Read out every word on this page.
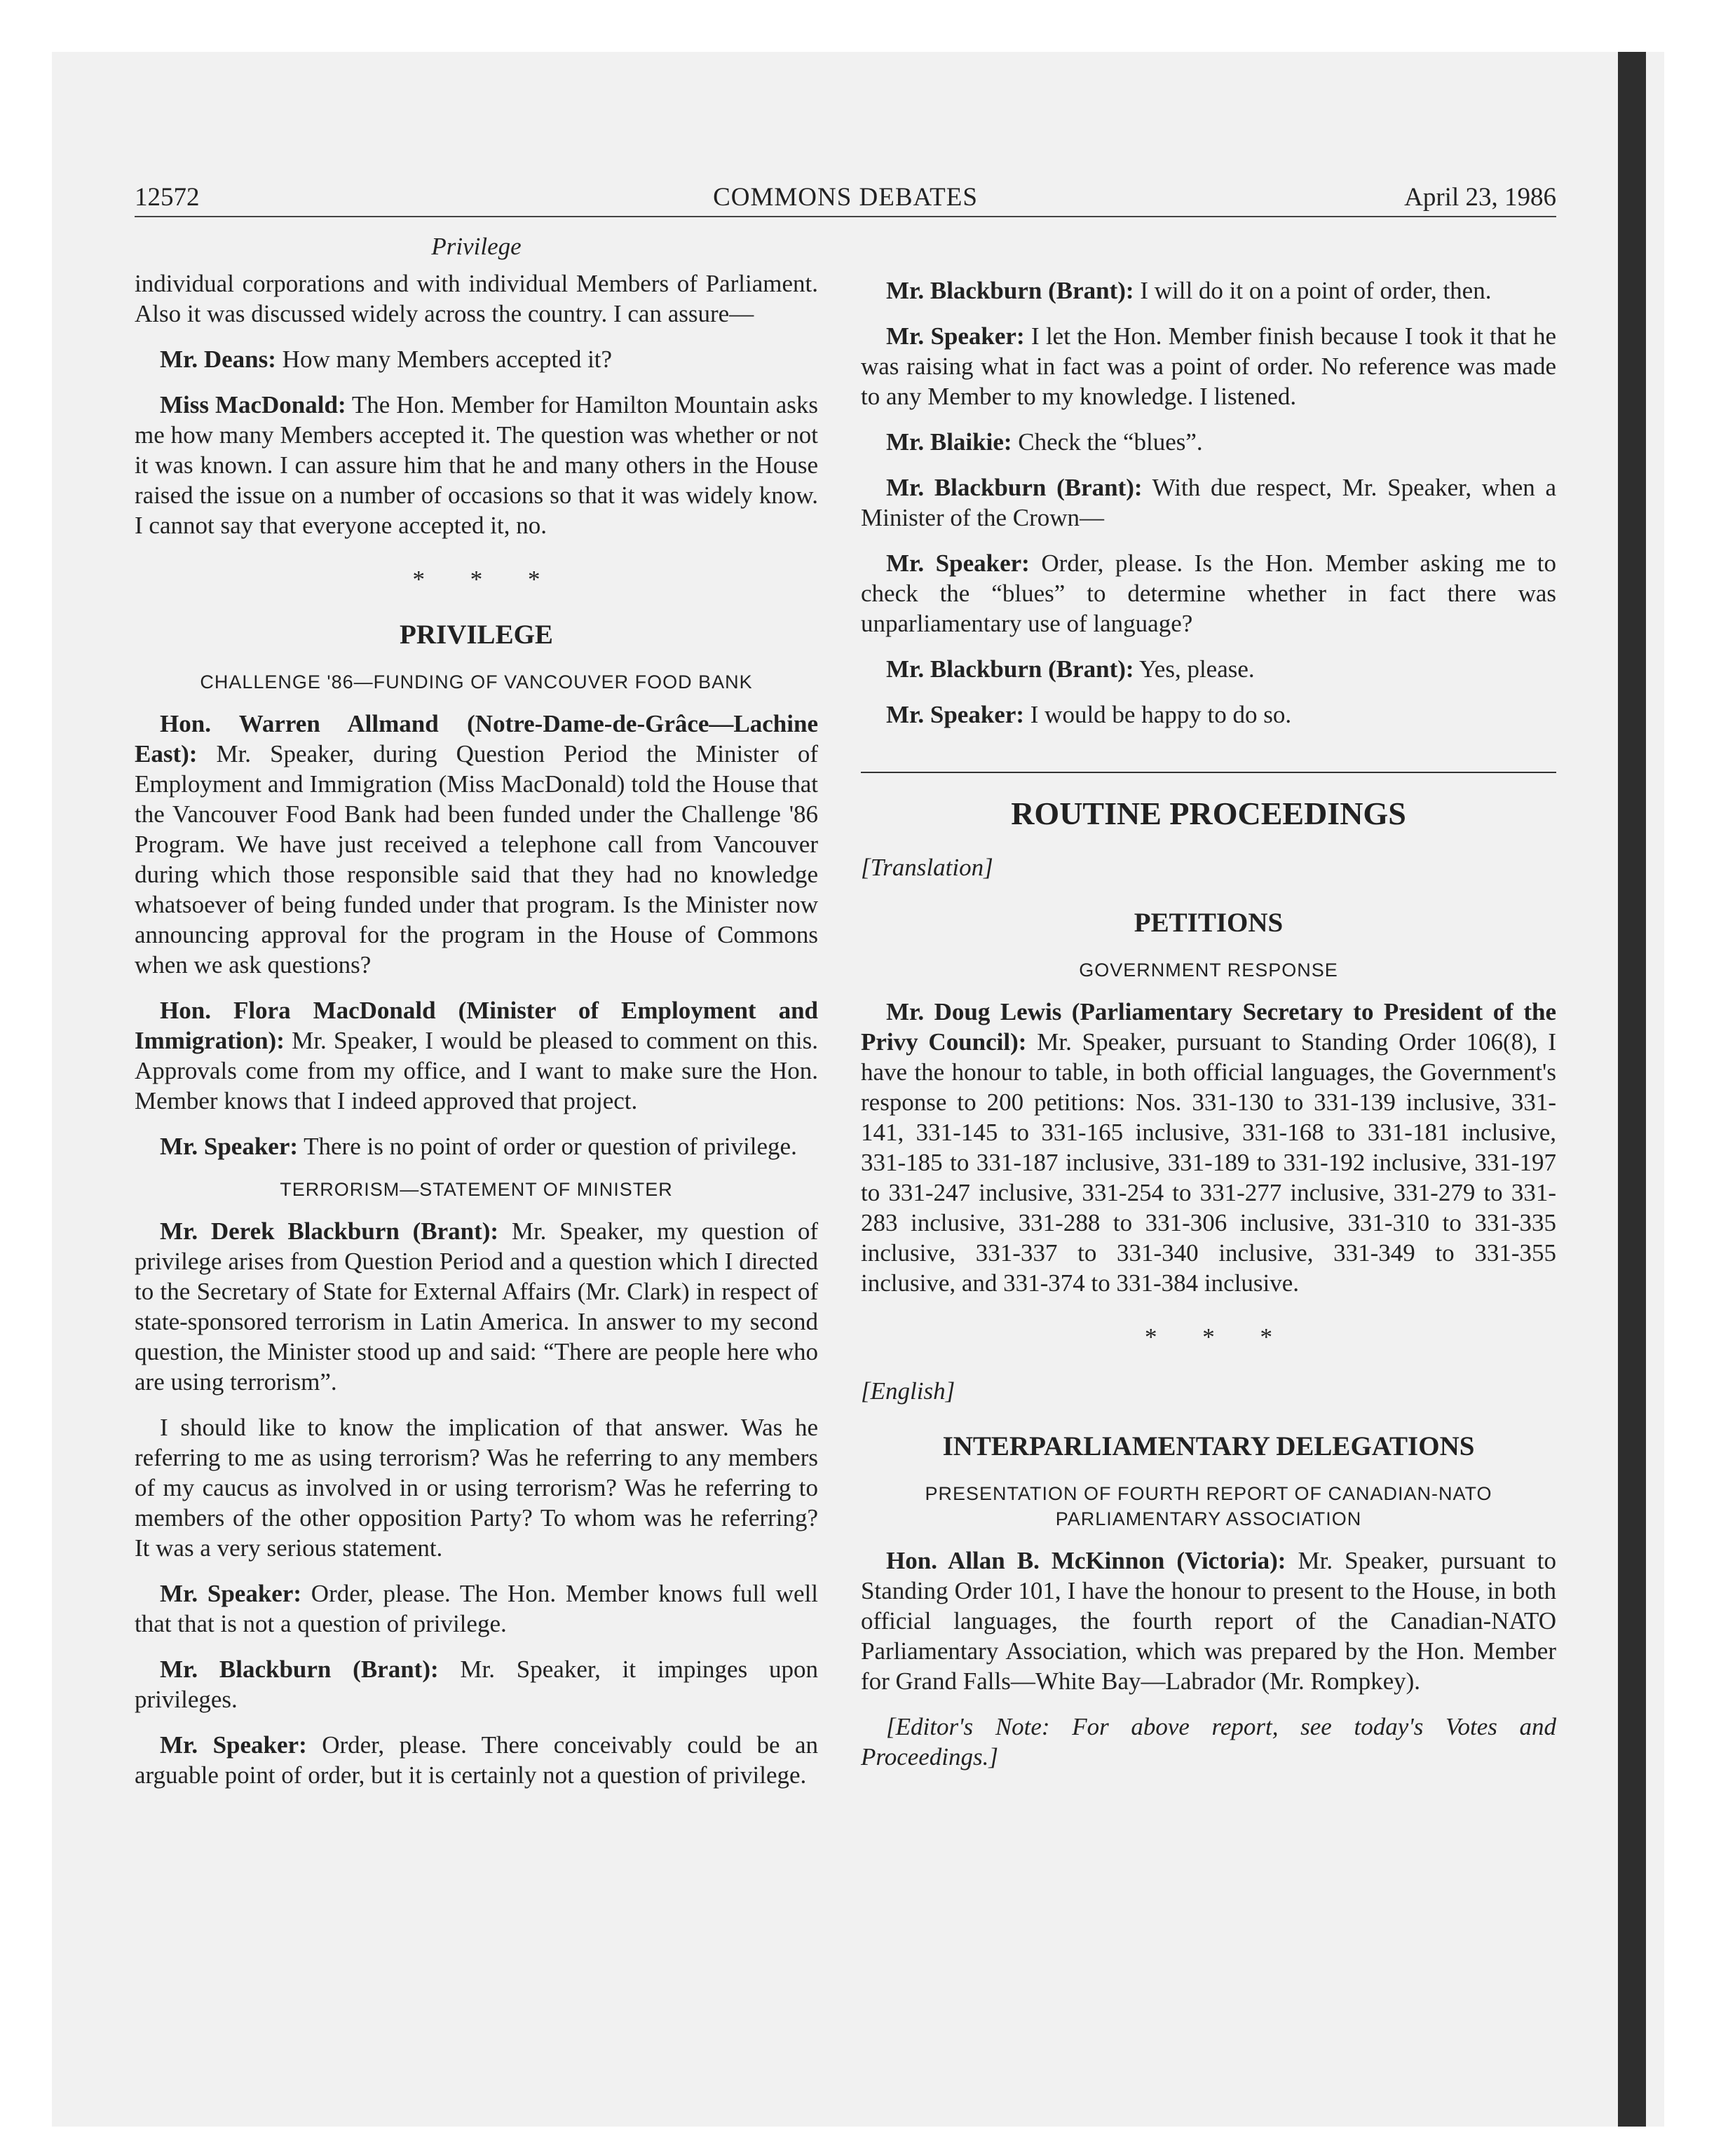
12572	COMMONS DEBATES	April 23, 1986
Privilege

individual corporations and with individual Members of Parliament. Also it was discussed widely across the country. I can assure—

Mr. Deans: How many Members accepted it?

Miss MacDonald: The Hon. Member for Hamilton Mountain asks me how many Members accepted it. The question was whether or not it was known. I can assure him that he and many others in the House raised the issue on a number of occasions so that it was widely know. I cannot say that everyone accepted it, no.

* * *
PRIVILEGE
CHALLENGE '86—FUNDING OF VANCOUVER FOOD BANK

Hon. Warren Allmand (Notre-Dame-de-Grâce—Lachine East): Mr. Speaker, during Question Period the Minister of Employment and Immigration (Miss MacDonald) told the House that the Vancouver Food Bank had been funded under the Challenge '86 Program. We have just received a telephone call from Vancouver during which those responsible said that they had no knowledge whatsoever of being funded under that program. Is the Minister now announcing approval for the program in the House of Commons when we ask questions?

Hon. Flora MacDonald (Minister of Employment and Immigration): Mr. Speaker, I would be pleased to comment on this. Approvals come from my office, and I want to make sure the Hon. Member knows that I indeed approved that project.

Mr. Speaker: There is no point of order or question of privilege.

TERRORISM—STATEMENT OF MINISTER

Mr. Derek Blackburn (Brant): Mr. Speaker, my question of privilege arises from Question Period and a question which I directed to the Secretary of State for External Affairs (Mr. Clark) in respect of state-sponsored terrorism in Latin America. In answer to my second question, the Minister stood up and said: “There are people here who are using terrorism”.

I should like to know the implication of that answer. Was he referring to me as using terrorism? Was he referring to any members of my caucus as involved in or using terrorism? Was he referring to members of the other opposition Party? To whom was he referring? It was a very serious statement.

Mr. Speaker: Order, please. The Hon. Member knows full well that that is not a question of privilege.

Mr. Blackburn (Brant): Mr. Speaker, it impinges upon privileges.

Mr. Speaker: Order, please. There conceivably could be an arguable point of order, but it is certainly not a question of privilege.

Mr. Blackburn (Brant): I will do it on a point of order, then.

Mr. Speaker: I let the Hon. Member finish because I took it that he was raising what in fact was a point of order. No reference was made to any Member to my knowledge. I listened.

Mr. Blaikie: Check the “blues”.

Mr. Blackburn (Brant): With due respect, Mr. Speaker, when a Minister of the Crown—

Mr. Speaker: Order, please. Is the Hon. Member asking me to check the “blues” to determine whether in fact there was unparliamentary use of language?

Mr. Blackburn (Brant): Yes, please.

Mr. Speaker: I would be happy to do so.

ROUTINE PROCEEDINGS
[Translation]
PETITIONS
GOVERNMENT RESPONSE

Mr. Doug Lewis (Parliamentary Secretary to President of the Privy Council): Mr. Speaker, pursuant to Standing Order 106(8), I have the honour to table, in both official languages, the Government's response to 200 petitions: Nos. 331-130 to 331-139 inclusive, 331-141, 331-145 to 331-165 inclusive, 331-168 to 331-181 inclusive, 331-185 to 331-187 inclusive, 331-189 to 331-192 inclusive, 331-197 to 331-247 inclusive, 331-254 to 331-277 inclusive, 331-279 to 331-283 inclusive, 331-288 to 331-306 inclusive, 331-310 to 331-335 inclusive, 331-337 to 331-340 inclusive, 331-349 to 331-355 inclusive, and 331-374 to 331-384 inclusive.

* * *
[English]
INTERPARLIAMENTARY DELEGATIONS
PRESENTATION OF FOURTH REPORT OF CANADIAN-NATO PARLIAMENTARY ASSOCIATION

Hon. Allan B. McKinnon (Victoria): Mr. Speaker, pursuant to Standing Order 101, I have the honour to present to the House, in both official languages, the fourth report of the Canadian-NATO Parliamentary Association, which was prepared by the Hon. Member for Grand Falls—White Bay—Labrador (Mr. Rompkey).

[Editor's Note: For above report, see today's Votes and Proceedings.]
